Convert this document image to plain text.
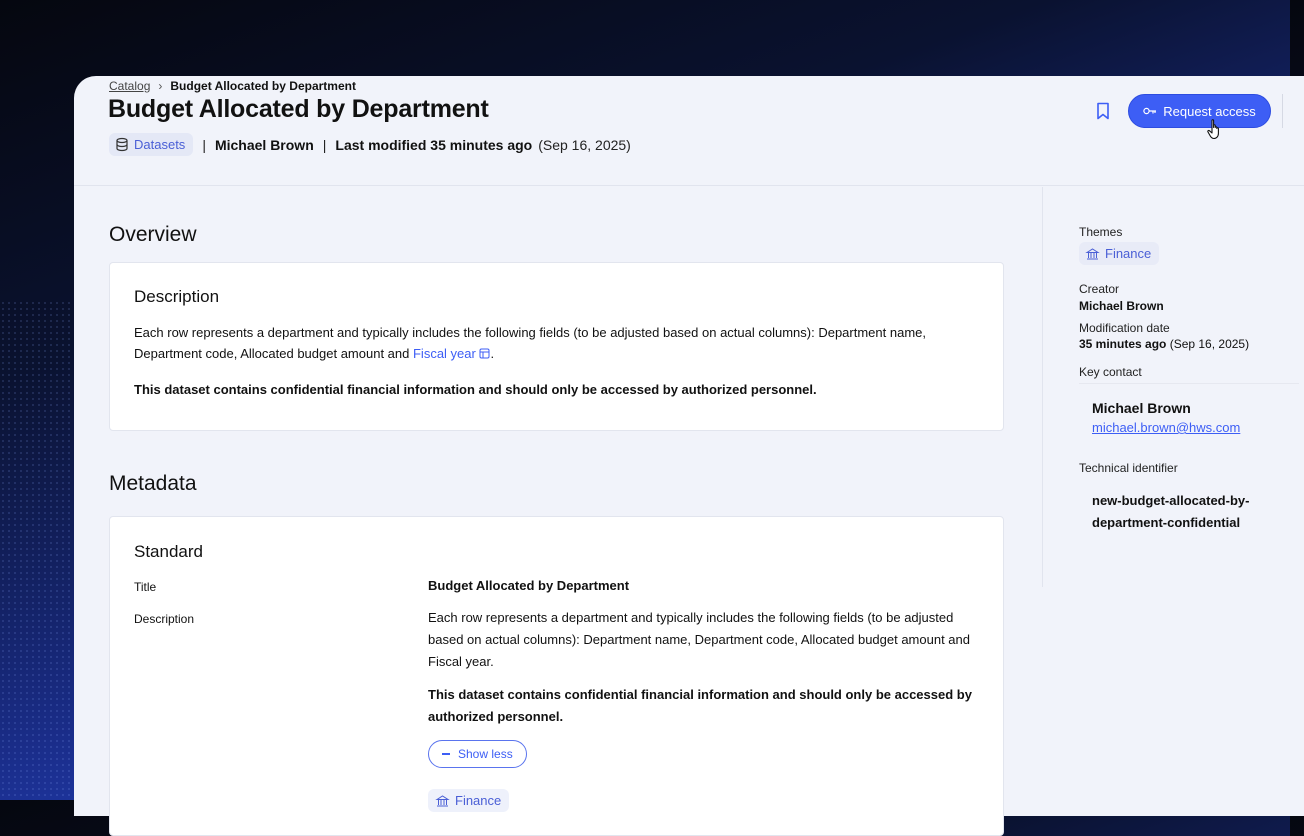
Catalog › Budget Allocated by Department
Budget Allocated by Department
Datasets | Michael Brown | Last modified 35 minutes ago (Sep 16, 2025)
Request access
Overview
Description
Each row represents a department and typically includes the following fields (to be adjusted based on actual columns): Department name, Department code, Allocated budget amount and Fiscal year .
This dataset contains confidential financial information and should only be accessed by authorized personnel.
Metadata
Standard
Title	Budget Allocated by Department
Description	Each row represents a department and typically includes the following fields (to be adjusted based on actual columns): Department name, Department code, Allocated budget amount and Fiscal year.
This dataset contains confidential financial information and should only be accessed by authorized personnel.
Show less
Finance
Themes
Finance
Creator
Michael Brown
Modification date
35 minutes ago (Sep 16, 2025)
Key contact
Michael Brown
michael.brown@hws.com
Technical identifier
new-budget-allocated-by-department-confidential
